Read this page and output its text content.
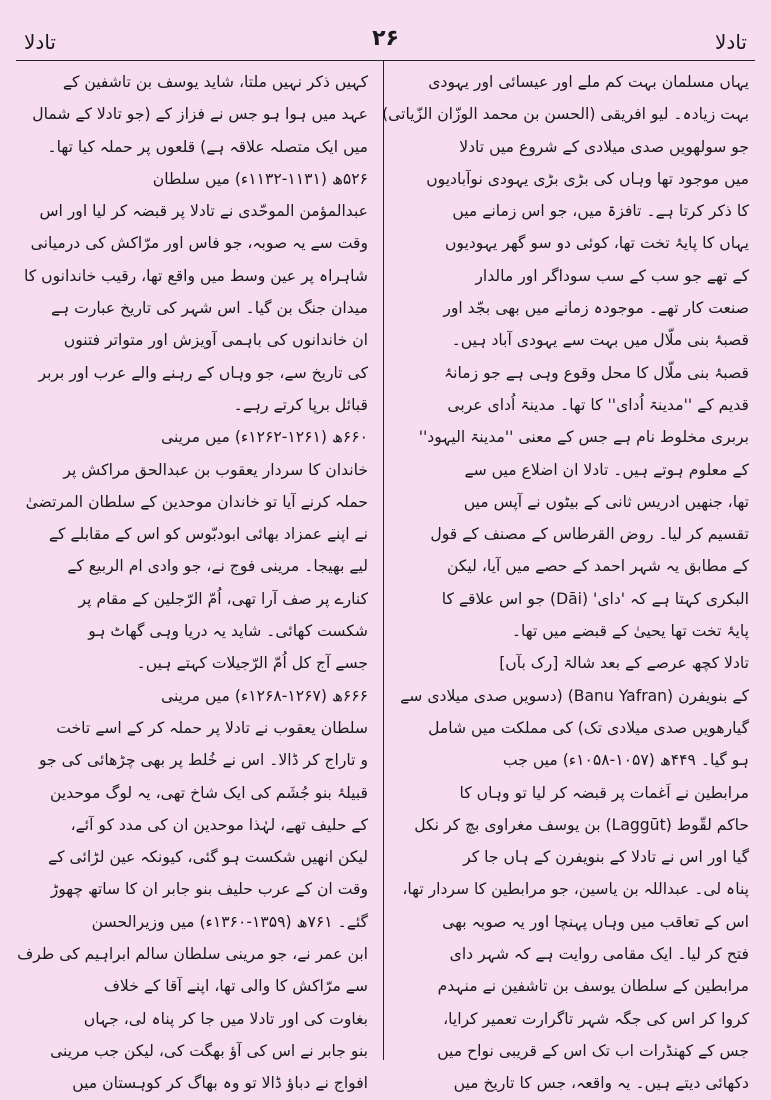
تادلا
۲۶
تادلا

یہاں مسلمان بہت کم ملے اور عیسائی اور یہودی
بہت زیادہ۔ لیو افریقی (الحسن بن محمد الوزّان الزّیاتی)
جو سولھویں صدی میلادی کے شروع میں تادلا
میں موجود تھا وہاں کی بڑی بڑی یہودی نوآبادیوں
کا ذکر کرتا ہے۔ تافزۃ میں، جو اس زمانے میں
یہاں کا پایۂ تخت تھا، کوئی دو سو گھر یہودیوں
کے تھے جو سب کے سب سوداگر اور مالدار
صنعت کار تھے۔ موجودہ زمانے میں بھی بجّد اور
قصبۂ بنی ملّال میں بہت سے یہودی آباد ہیں۔
قصبۂ بنی ملّال کا محل وقوع وہی ہے جو زمانۂ
قدیم کے ''مدینۃ اُدای'' کا تھا۔ مدینۃ اُدای عربی
بربری مخلوط نام ہے جس کے معنی ''مدینۃ الیہود''
کے معلوم ہوتے ہیں۔ تادلا ان اضلاع میں سے
تھا، جنھیں ادریس ثانی کے بیٹوں نے آپس میں
تقسیم کر لیا۔ روض القرطاس کے مصنف کے قول
کے مطابق یہ شہر احمد کے حصے میں آیا، لیکن
البکری کہتا ہے کہ 'دای' (Dāi) جو اس علاقے کا
پایۂ تخت تھا یحییٰ کے قبضے میں تھا۔
تادلا کچھ عرصے کے بعد شالۃ [رک بآں]
کے بنویفرن (Banu Yafran) (دسویں صدی میلادی سے
گیارھویں صدی میلادی تک) کی مملکت میں شامل
ہو گیا۔ ۴۴۹ھ (۱۰۵۷-۱۰۵۸ء) میں جب
مرابطین نے اَغمات پر قبضہ کر لیا تو وہاں کا
حاکم لقّوط (Laggūt) بن یوسف مغراوی بچ کر نکل
گیا اور اس نے تادلا کے بنویفرن کے ہاں جا کر
پناہ لی۔ عبداللہ بن یاسین، جو مرابطین کا سردار تھا،
اس کے تعاقب میں وہاں پہنچا اور یہ صوبہ بھی
فتح کر لیا۔ ایک مقامی روایت ہے کہ شہر دای
مرابطین کے سلطان یوسف بن تاشفین نے منہدم
کروا کر اس کی جگہ شہر تاگرارت تعمیر کرایا،
جس کے کھنڈرات اب تک اس کے قریبی نواح میں
دکھائی دیتے ہیں۔ یہ واقعہ، جس کا تاریخ میں

کہیں ذکر نہیں ملتا، شاید یوسف بن تاشفین کے
عہد میں ہوا ہو جس نے فزاز کے (جو تادلا کے شمال
میں ایک متصلہ علاقہ ہے) قلعوں پر حملہ کیا تھا۔
۵۲۶ھ (۱۱۳۱-۱۱۳۲ء) میں سلطان
عبدالمؤمن الموحّدی نے تادلا پر قبضہ کر لیا اور اس
وقت سے یہ صوبہ، جو فاس اور مرّاکش کی درمیانی
شاہراہ پر عین وسط میں واقع تھا، رقیب خاندانوں کا
میدان جنگ بن گیا۔ اس شہر کی تاریخ عبارت ہے
ان خاندانوں کی باہمی آویزش اور متواتر فتنوں
کی تاریخ سے، جو وہاں کے رہنے والے عرب اور بربر
قبائل برپا کرتے رہے۔
۶۶۰ھ (۱۲۶۱-۱۲۶۲ء) میں مرینی
خاندان کا سردار یعقوب بن عبدالحق مراکش پر
حملہ کرنے آیا تو خاندان موحدین کے سلطان المرتضیٰ
نے اپنے عمزاد بھائی ابودبّوس کو اس کے مقابلے کے
لیے بھیجا۔ مرینی فوج نے، جو وادی ام الربیع کے
کنارے پر صف آرا تھی، اُمّ الرّجلین کے مقام پر
شکست کھائی۔ شاید یہ دریا وہی گھاٹ ہو
جسے آج کل اُمّ الرّجیلات کہتے ہیں۔
۶۶۶ھ (۱۲۶۷-۱۲۶۸ء) میں مرینی
سلطان یعقوب نے تادلا پر حملہ کر کے اسے تاخت
و تاراج کر ڈالا۔ اس نے خُلط پر بھی چڑھائی کی جو
قبیلۂ بنو جُشَم کی ایک شاخ تھی، یہ لوگ موحدین
کے حلیف تھے، لہٰذا موحدین ان کی مدد کو آئے،
لیکن انھیں شکست ہو گئی، کیونکہ عین لڑائی کے
وقت ان کے عرب حلیف بنو جابر ان کا ساتھ چھوڑ
گئے۔ ۷۶۱ھ (۱۳۵۹-۱۳۶۰ء) میں وزیرالحسن
ابن عمر نے، جو مرینی سلطان سالم ابراہیم کی طرف
سے مرّاکش کا والی تھا، اپنے آقا کے خلاف
بغاوت کی اور تادلا میں جا کر پناہ لی، جہاں
بنو جابر نے اس کی آؤ بھگت کی، لیکن جب مرینی
افواج نے دباؤ ڈالا تو وہ بھاگ کر کوہستان میں
